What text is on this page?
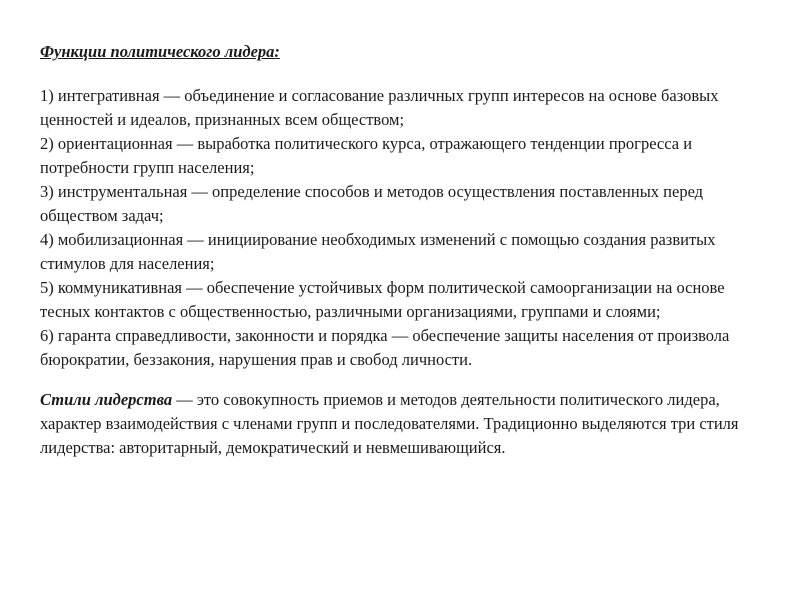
Функции политического лидера:
1) интегративная — объединение и согласование различных групп интересов на основе базовых ценностей и идеалов, признанных всем обществом;
2) ориентационная — выработка политического курса, отражающего тенденции прогресса и потребности групп населения;
3) инструментальная — определение способов и методов осуществления поставленных перед обществом задач;
4) мобилизационная — инициирование необходимых изменений с помощью создания развитых стимулов для населения;
5) коммуникативная — обеспечение устойчивых форм политической самоорганизации на основе тесных контактов с общественностью, различными организациями, группами и слоями;
6) гаранта справедливости, законности и порядка — обеспечение защиты населения от произвола бюрократии, беззакония, нарушения прав и свобод личности.

Стили лидерства — это совокупность приемов и методов деятельности политического лидера, характер взаимодействия с членами групп и последователями. Традиционно выделяются три стиля лидерства: авторитарный, демократический и невмешивающийся.
